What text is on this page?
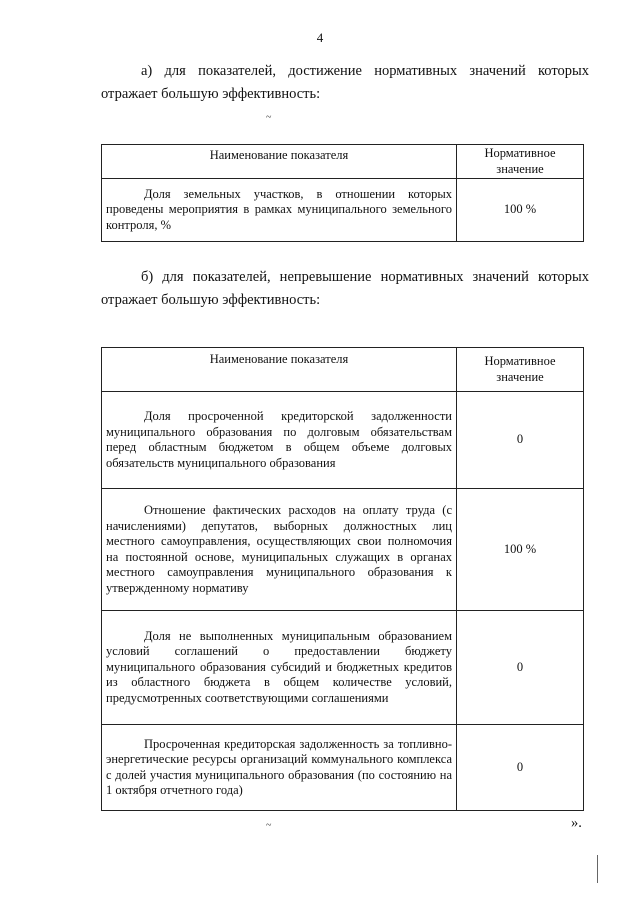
4
а) для показателей, достижение нормативных значений которых
отражает большую эффективность:
~
Наименование показателя	Нормативное значение
Доля земельных участков, в отношении которых проведены мероприятия в рамках муниципального земельного контроля, %	100 %
б) для показателей, непревышение нормативных значений которых
отражает большую эффективность:
Наименование показателя	Нормативное значение
Доля просроченной кредиторской задолженности муниципального образования по долговым обязательствам перед областным бюджетом в общем объеме долговых обязательств муниципального образования	0
Отношение фактических расходов на оплату труда (с начислениями) депутатов, выборных должностных лиц местного самоуправления, осуществляющих свои полномочия на постоянной основе, муниципальных служащих в органах местного самоуправления муниципального образования к утвержденному нормативу	100 %
Доля не выполненных муниципальным образованием условий соглашений о предоставлении бюджету муниципального образования субсидий и бюджетных кредитов из областного бюджета в общем количестве условий, предусмотренных соответствующими соглашениями	0
Просроченная кредиторская задолженность за топливно-энергетические ресурсы организаций коммунального комплекса с долей участия муниципального образования (по состоянию на 1 октября отчетного года)	0
~	».
